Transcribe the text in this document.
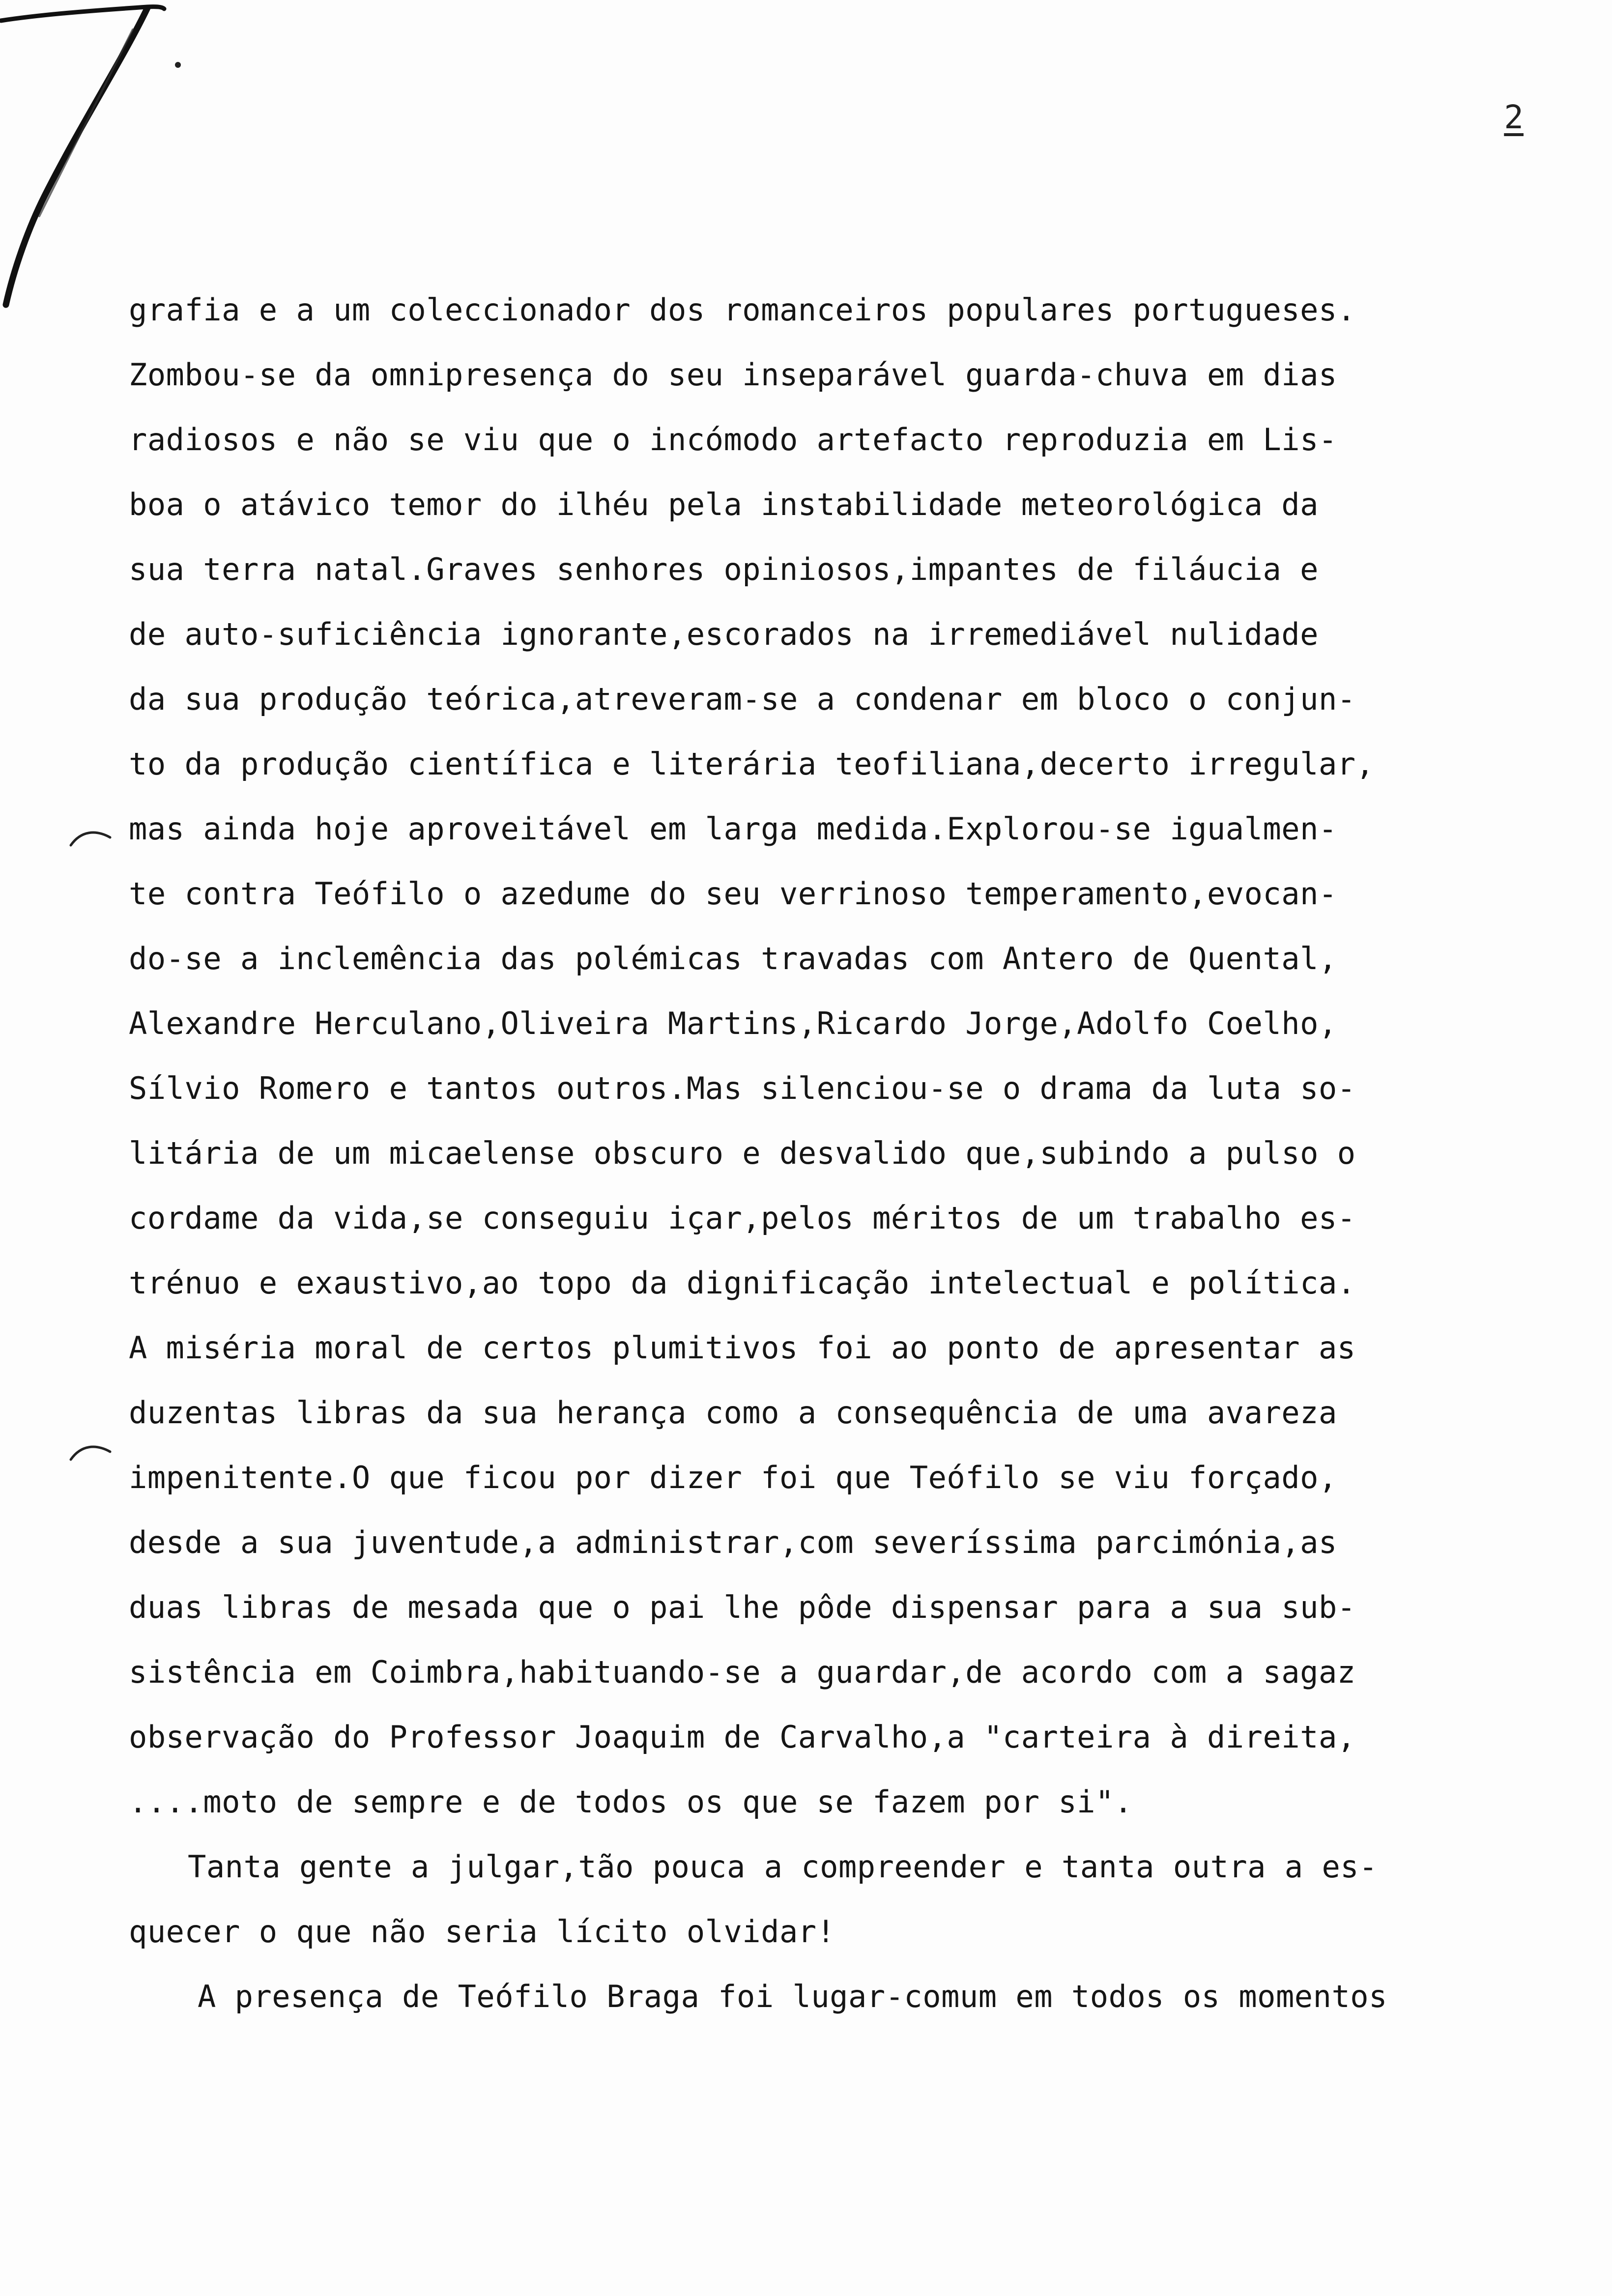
2
grafia e a um coleccionador dos romanceiros populares portugueses.
Zombou-se da omnipresença do seu inseparável guarda-chuva em dias
radiosos e não se viu que o incómodo artefacto reproduzia em Lis-
boa o atávico temor do ilhéu pela instabilidade meteorológica da
sua terra natal.Graves senhores opiniosos,impantes de filáucia e
de auto-suficiência ignorante,escorados na irremediável nulidade
da sua produção teórica,atreveram-se a condenar em bloco o conjun-
to da produção científica e literária teofiliana,decerto irregular,
mas ainda hoje aproveitável em larga medida.Explorou-se igualmen-
te contra Teófilo o azedume do seu verrinoso temperamento,evocan-
do-se a inclemência das polémicas travadas com Antero de Quental,
Alexandre Herculano,Oliveira Martins,Ricardo Jorge,Adolfo Coelho,
Sílvio Romero e tantos outros.Mas silenciou-se o drama da luta so-
litária de um micaelense obscuro e desvalido que,subindo a pulso o
cordame da vida,se conseguiu içar,pelos méritos de um trabalho es-
trénuo e exaustivo,ao topo da dignificação intelectual e política.
A miséria moral de certos plumitivos foi ao ponto de apresentar as
duzentas libras da sua herança como a consequência de uma avareza
impenitente.O que ficou por dizer foi que Teófilo se viu forçado,
desde a sua juventude,a administrar,com severíssima parcimónia,as
duas libras de mesada que o pai lhe pôde dispensar para a sua sub-
sistência em Coimbra,habituando-se a guardar,de acordo com a sagaz
observação do Professor Joaquim de Carvalho,a "carteira à direita,
....moto de sempre e de todos os que se fazem por si".
Tanta gente a julgar,tão pouca a compreender e tanta outra a es-
quecer o que não seria lícito olvidar!
A presença de Teófilo Braga foi lugar-comum em todos os momentos
